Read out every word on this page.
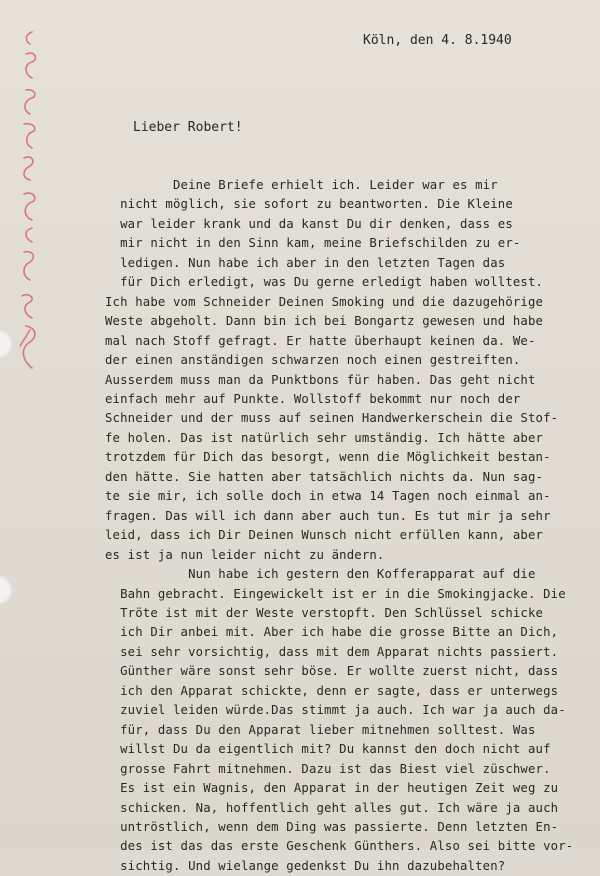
Köln, den 4. 8.1940
Lieber Robert!
Deine Briefe erhielt ich. Leider war es mir
nicht möglich, sie sofort zu beantworten. Die Kleine
war leider krank und da kanst Du dir denken, dass es
mir nicht in den Sinn kam, meine Briefschilden zu er-
ledigen. Nun habe ich aber in den letzten Tagen das
für Dich erledigt, was Du gerne erledigt haben wolltest.
Ich habe vom Schneider Deinen Smoking und die dazugehörige
Weste abgeholt. Dann bin ich bei Bongartz gewesen und habe
mal nach Stoff gefragt. Er hatte überhaupt keinen da. We-
der einen anständigen schwarzen noch einen gestreiften.
Ausserdem muss man da Punktbons für haben. Das geht nicht
einfach mehr auf Punkte. Wollstoff bekommt nur noch der
Schneider und der muss auf seinen Handwerkerschein die Stof-
fe holen. Das ist natürlich sehr umständig. Ich hätte aber
trotzdem für Dich das besorgt, wenn die Möglichkeit bestan-
den hätte. Sie hatten aber tatsächlich nichts da. Nun sag-
te sie mir, ich solle doch in etwa 14 Tagen noch einmal an-
fragen. Das will ich dann aber auch tun. Es tut mir ja sehr
leid, dass ich Dir Deinen Wunsch nicht erfüllen kann, aber
es ist ja nun leider nicht zu ändern.
Nun habe ich gestern den Kofferapparat auf die
Bahn gebracht. Eingewickelt ist er in die Smokingjacke. Die
Tröte ist mit der Weste verstopft. Den Schlüssel schicke
ich Dir anbei mit. Aber ich habe die grosse Bitte an Dich,
sei sehr vorsichtig, dass mit dem Apparat nichts passiert.
Günther wäre sonst sehr böse. Er wollte zuerst nicht, dass
ich den Apparat schickte, denn er sagte, dass er unterwegs
zuviel leiden würde.Das stimmt ja auch. Ich war ja auch da-
für, dass Du den Apparat lieber mitnehmen solltest. Was
willst Du da eigentlich mit? Du kannst den doch nicht auf
grosse Fahrt mitnehmen. Dazu ist das Biest viel züschwer.
Es ist ein Wagnis, den Apparat in der heutigen Zeit weg zu
schicken. Na, hoffentlich geht alles gut. Ich wäre ja auch
untröstlich, wenn dem Ding was passierte. Denn letzten En-
des ist das das erste Geschenk Günthers. Also sei bitte vor-
sichtig. Und wielange gedenkst Du ihn dazubehalten?
